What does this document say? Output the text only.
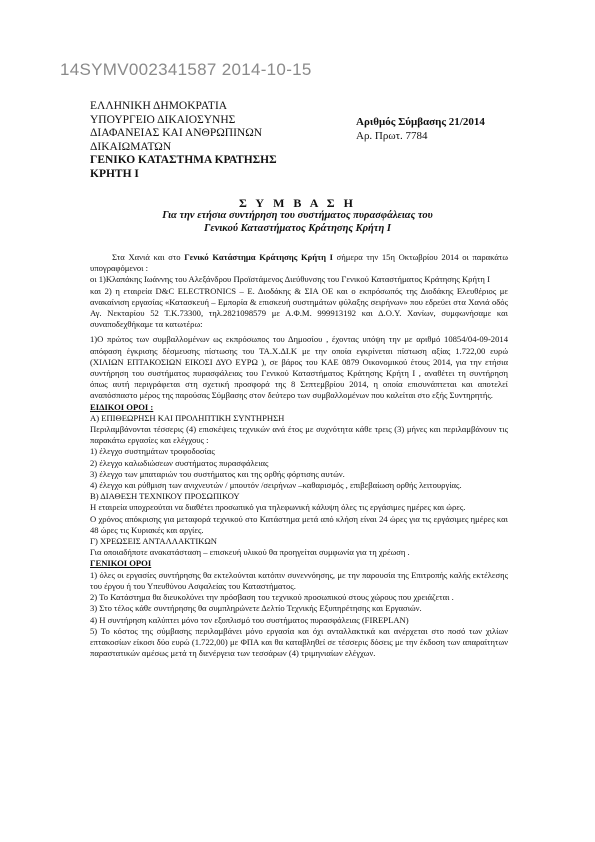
14SYMV002341587 2014-10-15
ΕΛΛΗΝΙΚΗ ΔΗΜΟΚΡΑΤΙΑ
ΥΠΟΥΡΓΕΙΟ ΔΙΚΑΙΟΣΥΝΗΣ
ΔΙΑΦΑΝΕΙΑΣ ΚΑΙ ΑΝΘΡΩΠΙΝΩΝ
ΔΙΚΑΙΩΜΑΤΩΝ
ΓΕΝΙΚΟ ΚΑΤΑΣΤΗΜΑ ΚΡΑΤΗΣΗΣ
ΚΡΗΤΗ Ι
Αριθμός Σύμβασης 21/2014
Αρ. Πρωτ. 7784
Σ Υ Μ Β Α Σ Η
Για την ετήσια συντήρηση του συστήματος πυρασφάλειας του
Γενικού Καταστήματος Κράτησης Κρήτη Ι

Στα Χανιά και στο Γενικό Κατάστημα Κράτησης Κρήτη Ι σήμερα την 15η Οκτωβρίου 2014 οι παρακάτω υπογραφόμενοι :

οι 1)Κλαπάκης Ιωάννης του Αλεξάνδρου Προϊστάμενος Διεύθυνσης του Γενικού Καταστήματος Κράτησης Κρήτη Ι

και 2) η εταιρεία D&C ELECTRONICS – Ε. Διοδάκης & ΣΙΑ ΟΕ και ο εκπρόσωπός της Διοδάκης Ελευθέριος με ανακαίνιση εργασίας «Κατασκευή – Εμπορία & επισκευή συστημάτων φύλαξης σειρήνων» που εδρεύει στα Χανιά οδός Αγ. Νεκταρίου 52 Τ.Κ.73300, τηλ.2821098579 με Α.Φ.Μ. 999913192 και Δ.Ο.Υ. Χανίων, συμφωνήσαμε και συναποδεχθήκαμε τα κατωτέρω:

1)Ο πρώτος των συμβαλλομένων ως εκπρόσωπος του Δημοσίου , έχοντας υπόψη την με αριθμό 10854/04-09-2014 απόφαση έγκρισης δέσμευσης πίστωσης του ΤΑ.Χ.ΔΙ.Κ με την οποία εγκρίνεται πίστωση αξίας 1.722,00 ευρώ (ΧΙΛΙΩΝ ΕΠΤΑΚΟΣΙΩΝ ΕΙΚΟΣΙ ΔΥΟ ΕΥΡΩ ), σε βάρος του ΚΑΕ 0879 Οικονομικού έτους 2014, για την ετήσια συντήρηση του συστήματος πυρασφάλειας του Γενικού Καταστήματος Κράτησης Κρήτη Ι , αναθέτει τη συντήρηση όπως αυτή περιγράφεται στη σχετική προσφορά της 8 Σεπτεμβρίου 2014, η οποία επισυνάπτεται και αποτελεί αναπόσπαστο μέρος της παρούσας Σύμβασης στον δεύτερο των συμβαλλομένων που καλείται στο εξής Συντηρητής.

ΕΙΔΙΚΟΙ ΟΡΟΙ :

Α) ΕΠΙΘΕΩΡΗΣΗ ΚΑΙ ΠΡΟΛΗΠΤΙΚΗ ΣΥΝΤΗΡΗΣΗ

Περιλαμβάνονται τέσσερις (4) επισκέψεις τεχνικών ανά έτος με συχνότητα κάθε τρεις (3) μήνες και περιλαμβάνουν τις παρακάτω εργασίες και ελέγχους :

1) έλεγχο συστημάτων τροφοδοσίας

2) έλεγχο καλωδιώσεων συστήματος πυρασφάλειας

3) έλεγχο των μπαταριών του συστήματος και της ορθής φόρτισης αυτών.

4) έλεγχο και ρύθμιση των ανιχνευτών / μπουτόν /σειρήνων –καθαρισμός , επιβεβαίωση ορθής λειτουργίας.

Β) ΔΙΑΘΕΣΗ ΤΕΧΝΙΚΟΥ ΠΡΟΣΩΠΙΚΟΥ

Η εταιρεία υποχρεούται να διαθέτει προσωπικό για τηλεφωνική κάλυψη όλες τις εργάσιμες ημέρες και ώρες.

Ο χρόνος απόκρισης για μεταφορά τεχνικού στο Κατάστημα μετά από κλήση είναι 24 ώρες για τις εργάσιμες ημέρες και 48 ώρες τις Κυριακές και αργίες.

Γ) ΧΡΕΩΣΕΙΣ ΑΝΤΑΛΛΑΚΤΙΚΩΝ

Για οποιαδήποτε ανακατάσταση – επισκευή υλικού θα προηγείται συμφωνία για τη χρέωση .

ΓΕΝΙΚΟΙ ΟΡΟΙ

1) όλες οι εργασίες συντήρησης θα εκτελούνται κατόπιν συνεννόησης, με την παρουσία της Επιτροπής καλής εκτέλεσης του έργου ή του Υπευθύνου Ασφαλείας του Καταστήματος.

2) Το Κατάστημα θα διευκολύνει την πρόσβαση του τεχνικού προσωπικού στους χώρους που χρειάζεται .

3) Στο τέλος κάθε συντήρησης θα συμπληρώνετε Δελτίο Τεχνικής Εξυπηρέτησης και Εργασιών.

4) Η συντήρηση καλύπτει μόνο τον εξοπλισμό του συστήματος πυρασφάλειας (FIREPLAN)

5) Το κόστος της σύμβασης περιλαμβάνει μόνο εργασία και όχι ανταλλακτικά και ανέρχεται στο ποσό των χιλίων επτακοσίων είκοσι δύο ευρώ (1.722,00) με ΦΠΑ και θα καταβληθεί σε τέσσερις δόσεις με την έκδοση των απαραίτητων παραστατικών αμέσως μετά τη διενέργεια των τεσσάρων (4) τριμηνιαίων ελέγχων.
